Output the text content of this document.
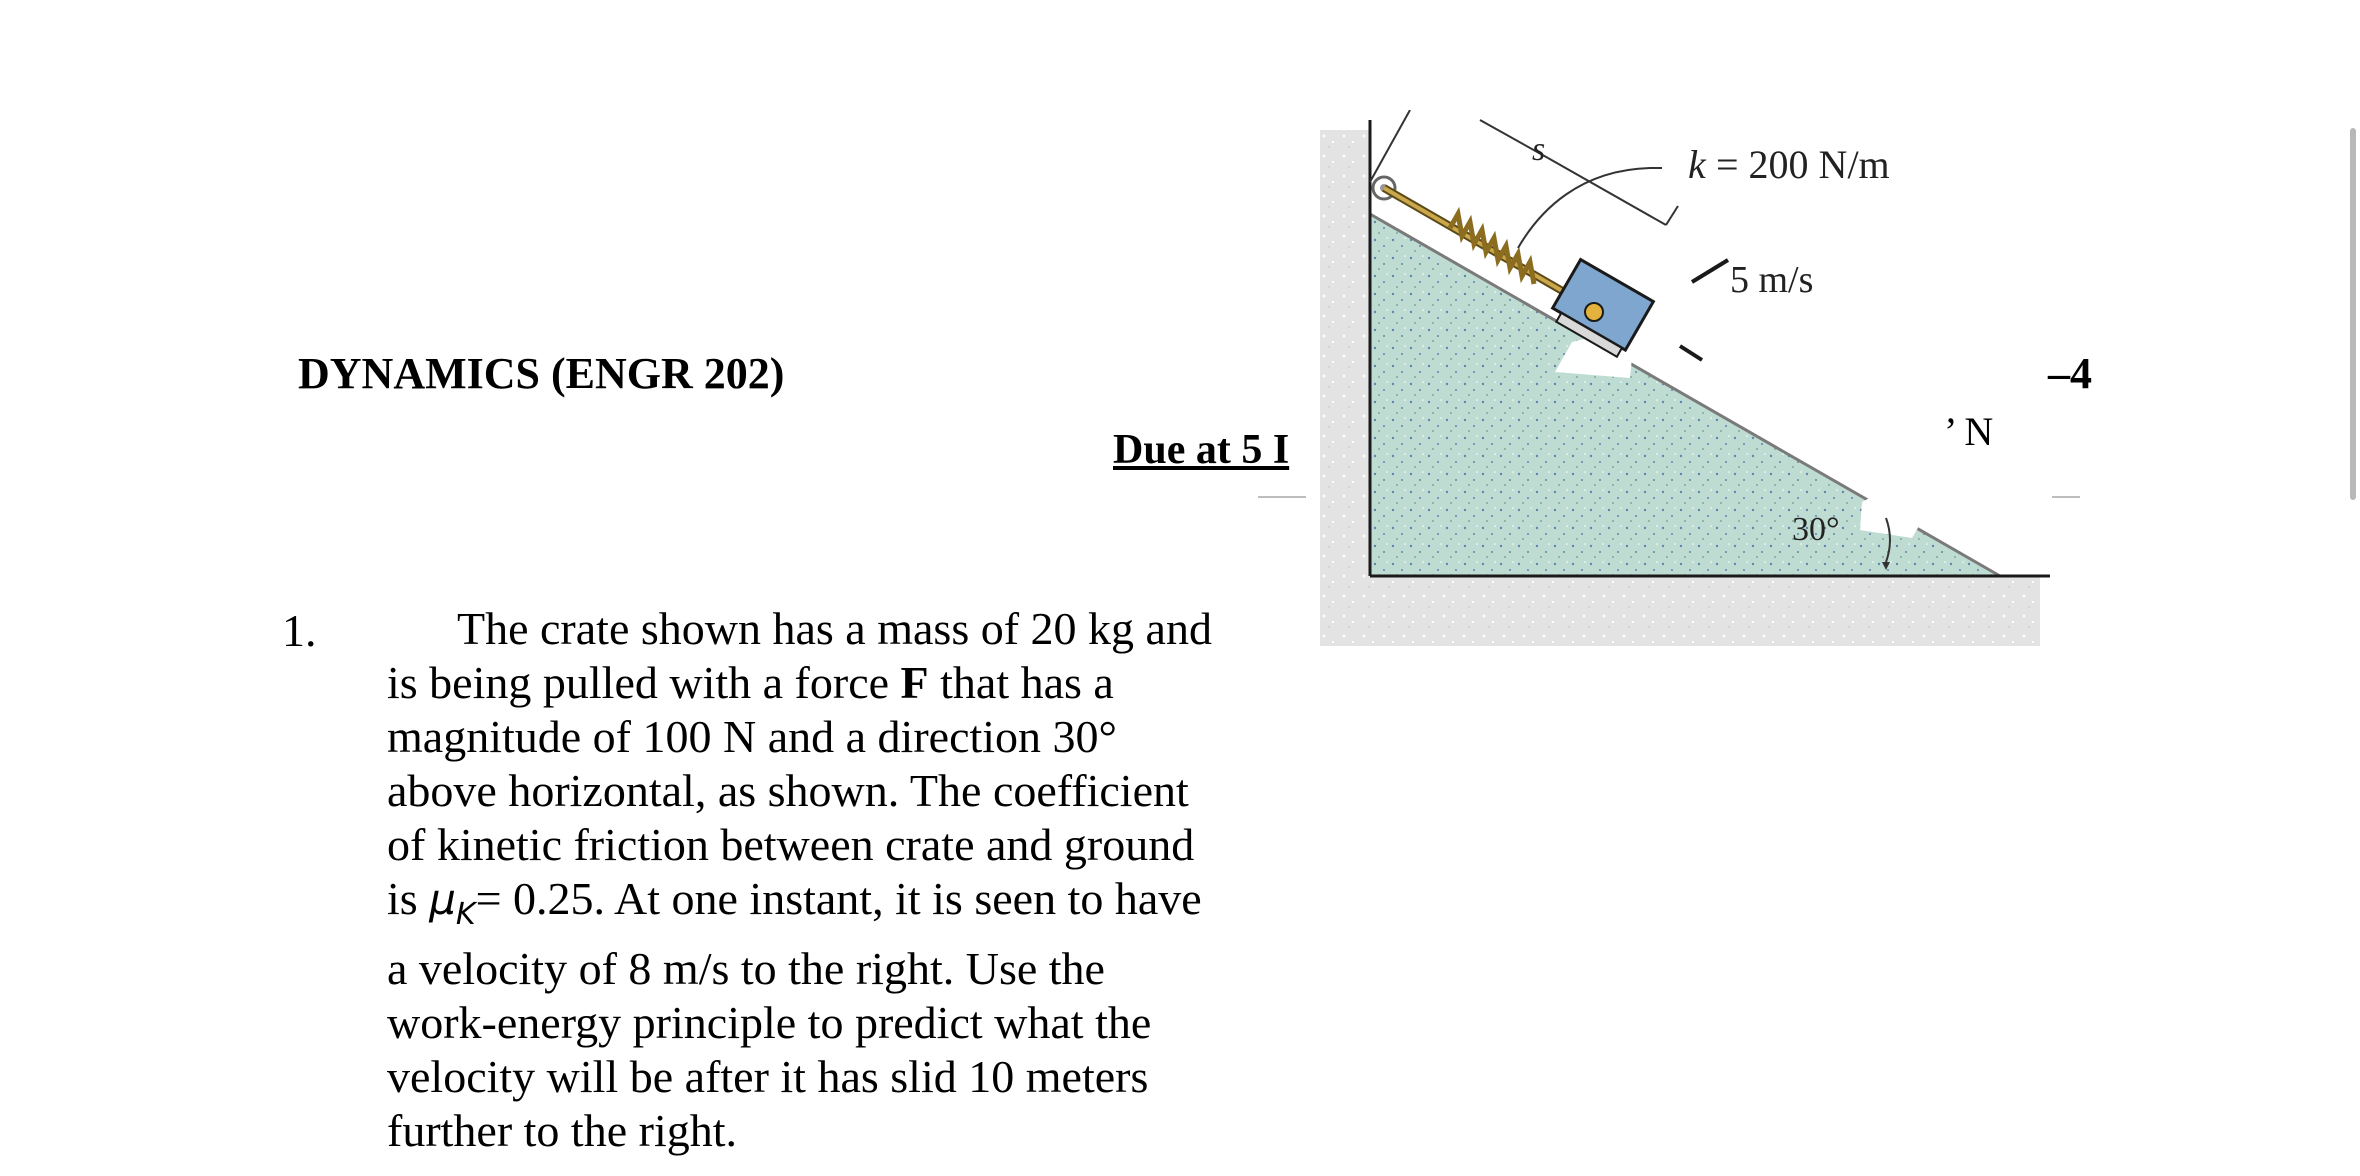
DYNAMICS (ENGR 202)
Due at 5 I
–4
’ N
1.	The crate shown has a mass of 20 kg and
is being pulled with a force F that has a
magnitude of 100 N and a direction 30°
above horizontal, as shown. The coefficient
of kinetic friction between crate and ground
is $\mu_K= 0.25$. At one instant, it is seen to have
a velocity of 8 m/s to the right. Use the
work-energy principle to predict what the
velocity will be after it has slid 10 meters
further to the right.
s	k = 200 N/m
5 m/s
30°
